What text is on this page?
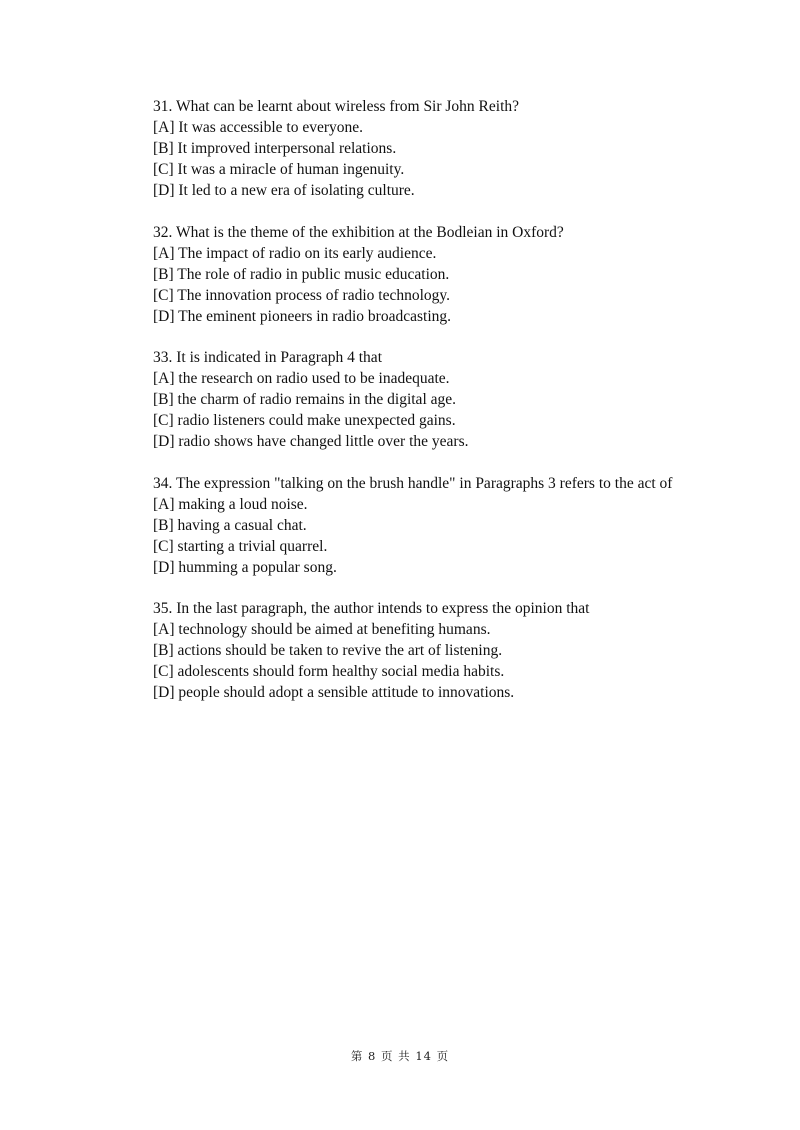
31. What can be learnt about wireless from Sir John Reith?
[A] It was accessible to everyone.
[B] It improved interpersonal relations.
[C] It was a miracle of human ingenuity.
[D] It led to a new era of isolating culture.
32. What is the theme of the exhibition at the Bodleian in Oxford?
[A] The impact of radio on its early audience.
[B] The role of radio in public music education.
[C] The innovation process of radio technology.
[D] The eminent pioneers in radio broadcasting.
33. It is indicated in Paragraph 4 that
[A] the research on radio used to be inadequate.
[B] the charm of radio remains in the digital age.
[C] radio listeners could make unexpected gains.
[D] radio shows have changed little over the years.
34. The expression "talking on the brush handle" in Paragraphs 3 refers to the act of
[A] making a loud noise.
[B] having a casual chat.
[C] starting a trivial quarrel.
[D] humming a popular song.
35. In the last paragraph, the author intends to express the opinion that
[A] technology should be aimed at benefiting humans.
[B] actions should be taken to revive the art of listening.
[C] adolescents should form healthy social media habits.
[D] people should adopt a sensible attitude to innovations.
第 8 页 共 14 页
